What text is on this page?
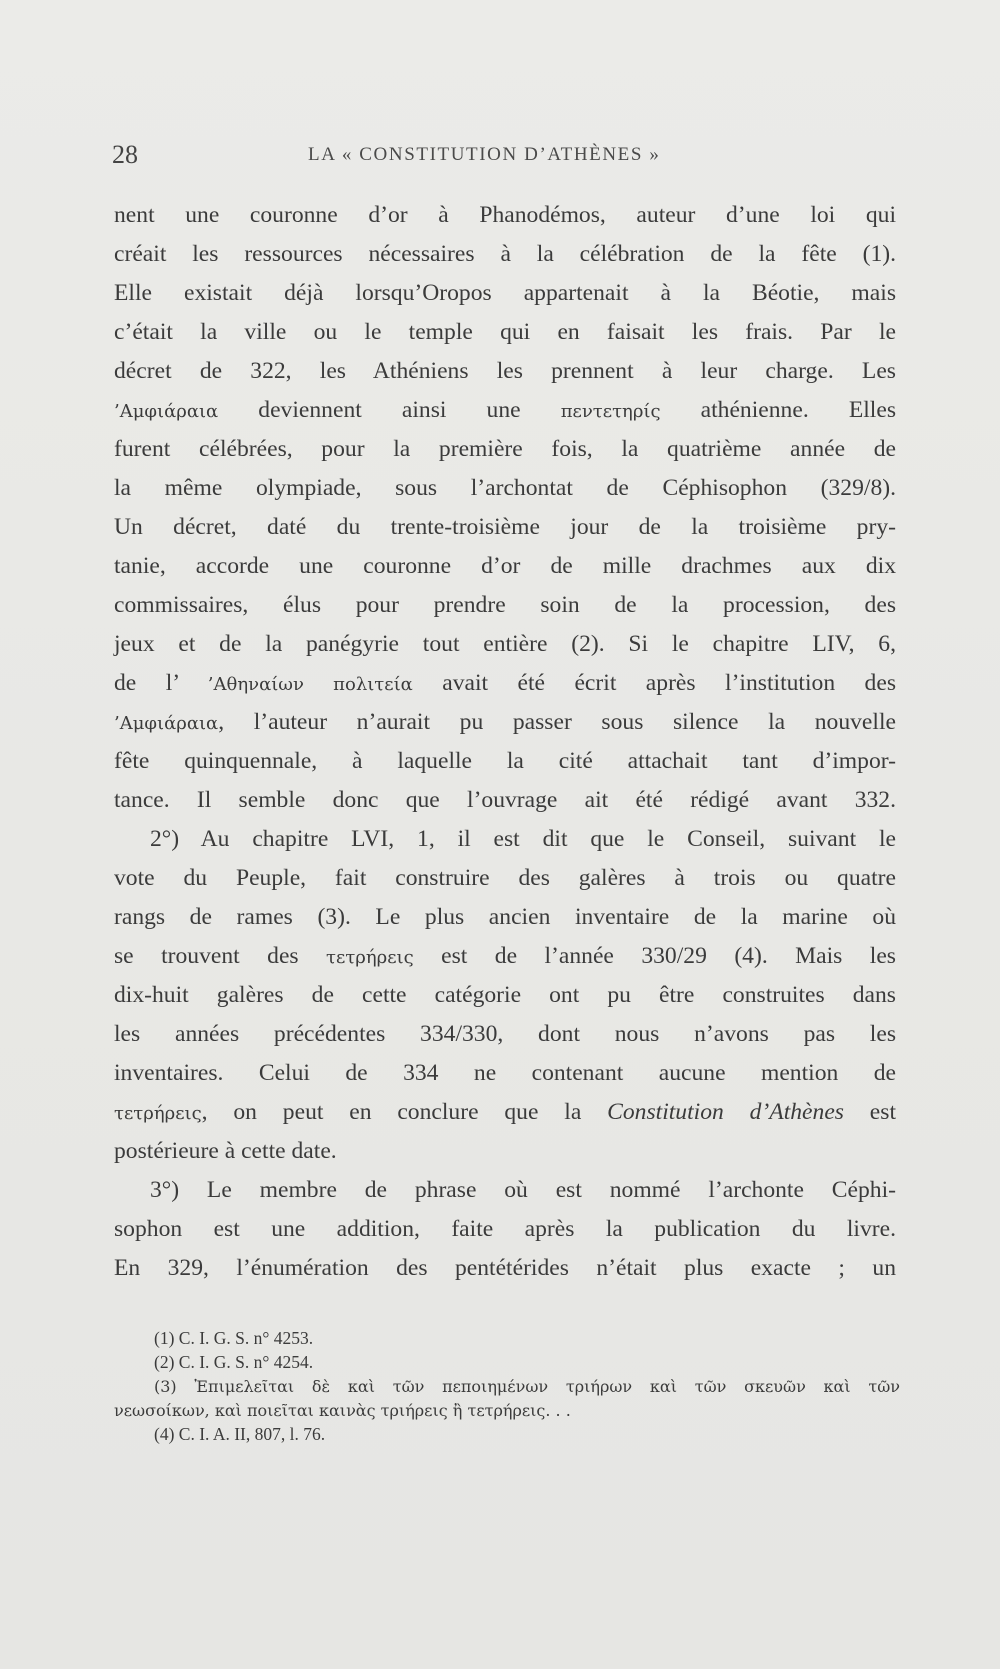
28	LA « CONSTITUTION D’ATHÈNES »
nent une couronne d’or à Phanodémos, auteur d’une loi qui
créait les ressources nécessaires à la célébration de la fête (1).
Elle existait déjà lorsqu’Oropos appartenait à la Béotie, mais
c’était la ville ou le temple qui en faisait les frais. Par le
décret de 322, les Athéniens les prennent à leur charge. Les
’Αμφιάραια deviennent ainsi une πεντετηρίς athénienne. Elles
furent célébrées, pour la première fois, la quatrième année de
la même olympiade, sous l’archontat de Céphisophon (329/8).
Un décret, daté du trente-troisième jour de la troisième pry-
tanie, accorde une couronne d’or de mille drachmes aux dix
commissaires, élus pour prendre soin de la procession, des
jeux et de la panégyrie tout entière (2). Si le chapitre LIV, 6,
de l’ ’Αθηναίων πολιτεία avait été écrit après l’institution des
’Αμφιάραια, l’auteur n’aurait pu passer sous silence la nouvelle
fête quinquennale, à laquelle la cité attachait tant d’impor-
tance. Il semble donc que l’ouvrage ait été rédigé avant 332.
2°) Au chapitre LVI, 1, il est dit que le Conseil, suivant le
vote du Peuple, fait construire des galères à trois ou quatre
rangs de rames (3). Le plus ancien inventaire de la marine où
se trouvent des τετρήρεις est de l’année 330/29 (4). Mais les
dix-huit galères de cette catégorie ont pu être construites dans
les années précédentes 334/330, dont nous n’avons pas les
inventaires. Celui de 334 ne contenant aucune mention de
τετρήρεις, on peut en conclure que la Constitution d’Athènes est
postérieure à cette date.
3°) Le membre de phrase où est nommé l’archonte Céphi-
sophon est une addition, faite après la publication du livre.
En 329, l’énumération des pentétérides n’était plus exacte ; un
(1) C. I. G. S. n° 4253.
(2) C. I. G. S. n° 4254.
(3) Ἐπιμελεῖται δὲ καὶ τῶν πεποιημένων τριήρων καὶ τῶν σκευῶν καὶ τῶν
νεωσοίκων, καὶ ποιεῖται καινὰς τριήρεις ἢ τετρήρεις. . .
(4) C. I. A. II, 807, l. 76.
